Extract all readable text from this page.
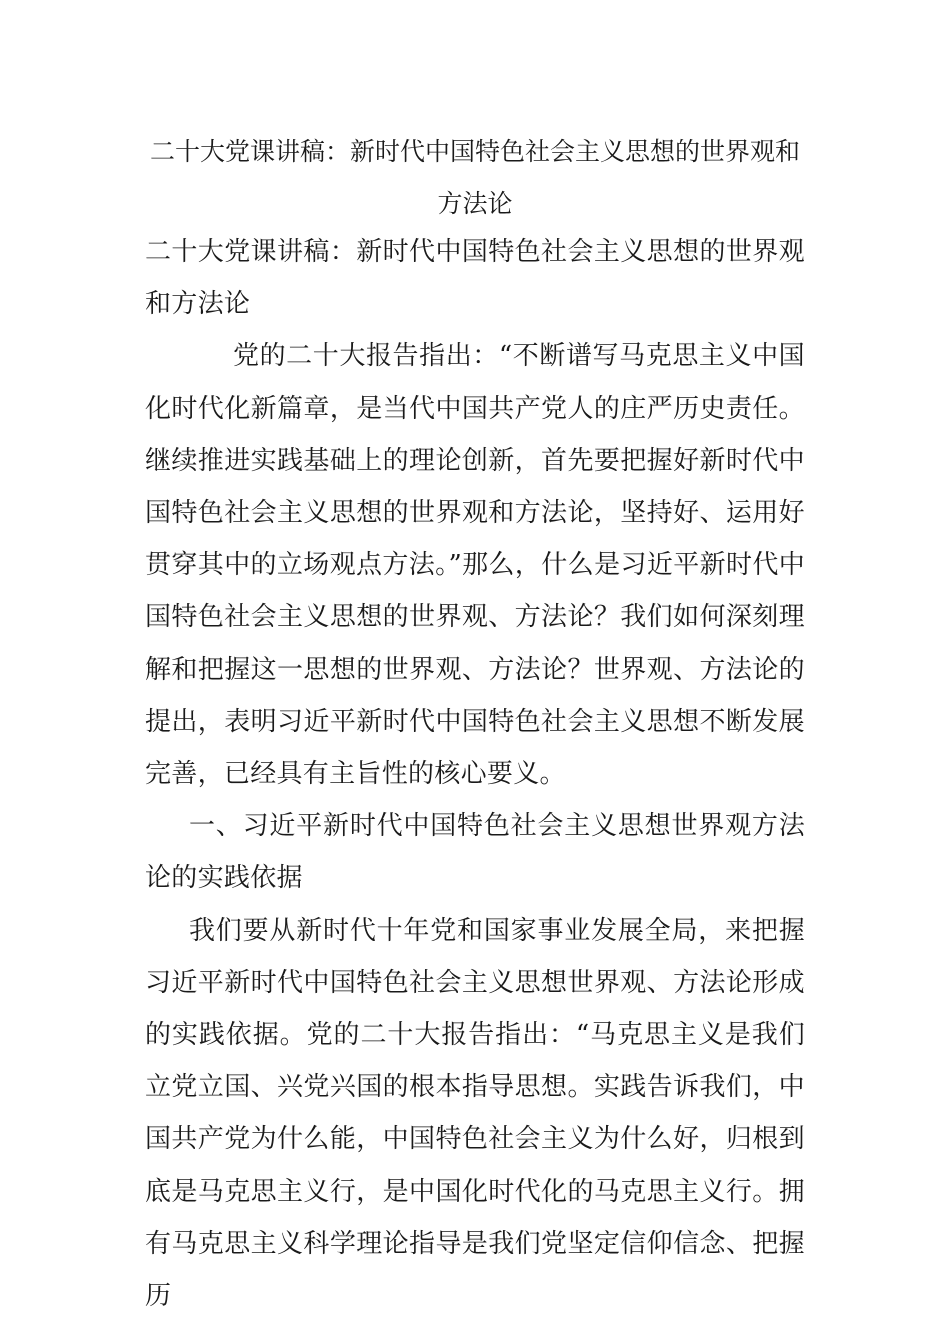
二十大党课讲稿：新时代中国特色社会主义思想的世界观和方法论

二十大党课讲稿：新时代中国特色社会主义思想的世界观和方法论

党的二十大报告指出：“不断谱写马克思主义中国化时代化新篇章，是当代中国共产党人的庄严历史责任。继续推进实践基础上的理论创新，首先要把握好新时代中国特色社会主义思想的世界观和方法论，坚持好、运用好贯穿其中的立场观点方法。”那么，什么是习近平新时代中国特色社会主义思想的世界观、方法论？我们如何深刻理解和把握这一思想的世界观、方法论？世界观、方法论的提出，表明习近平新时代中国特色社会主义思想不断发展完善，已经具有主旨性的核心要义。

一、习近平新时代中国特色社会主义思想世界观方法论的实践依据

我们要从新时代十年党和国家事业发展全局，来把握习近平新时代中国特色社会主义思想世界观、方法论形成的实践依据。党的二十大报告指出：“马克思主义是我们立党立国、兴党兴国的根本指导思想。实践告诉我们，中国共产党为什么能，中国特色社会主义为什么好，归根到底是马克思主义行，是中国化时代化的马克思主义行。拥有马克思主义科学理论指导是我们党坚定信仰信念、把握历
